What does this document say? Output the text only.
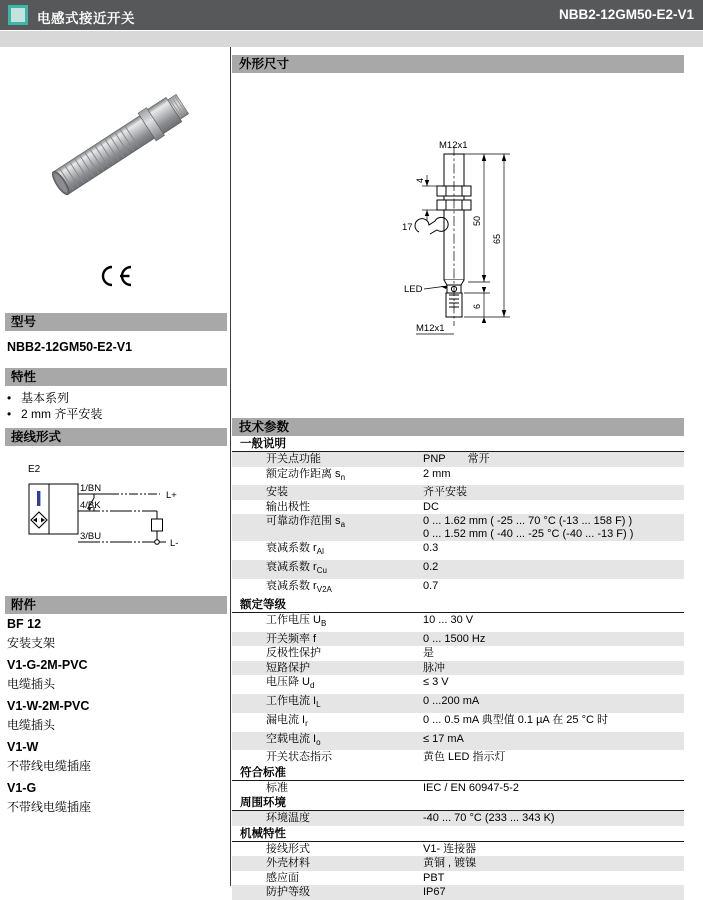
电感式接近开关	NBB2-12GM50-E2-V1
型号
NBB2-12GM50-E2-V1
特性
• 基本系列
• 2 mm 齐平安装
接线形式
E2
1/BN
4/BK
3/BU
L+
L-
附件
BF 12
安装支架
V1-G-2M-PVC
电缆插头
V1-W-2M-PVC
电缆插头
V1-W
不带线电缆插座
V1-G
不带线电缆插座
外形尺寸
4
17
50
65
6
LED
M12x1
M12x1
技术参数
一般说明
开关点功能	PNP 常开
额定动作距离 $s_n$	2 mm
安装	齐平安装
输出极性	DC
可靠动作范围 $s_a$	0 ... 1.62 mm ( -25 ... 70 °C (-13 ... 158 F) )
0 ... 1.52 mm ( -40 ... -25 °C (-40 ... -13 F) )
衰减系数 $r_{Al}$	0.3
衰减系数 $r_{Cu}$	0.2
衰减系数 $r_{V2A}$	0.7
额定等级
工作电压 $U_B$	10 ... 30 V
开关频率 f	0 ... 1500 Hz
反极性保护	是
短路保护	脉冲
电压降 $U_d$	≤ 3 V
工作电流 $I_L$	0 ...200 mA
漏电流 $I_r$	0 ... 0.5 mA 典型值 0.1 µA 在 25 °C 时
空载电流 $I_o$	≤ 17 mA
开关状态指示	黄色 LED 指示灯
符合标准
标准	IEC / EN 60947-5-2
周围环境
环境温度	-40 ... 70 °C (233 ... 343 K)
机械特性
接线形式	V1- 连接器
外壳材料	黄铜 , 镀镍
感应面	PBT
防护等级	IP67
